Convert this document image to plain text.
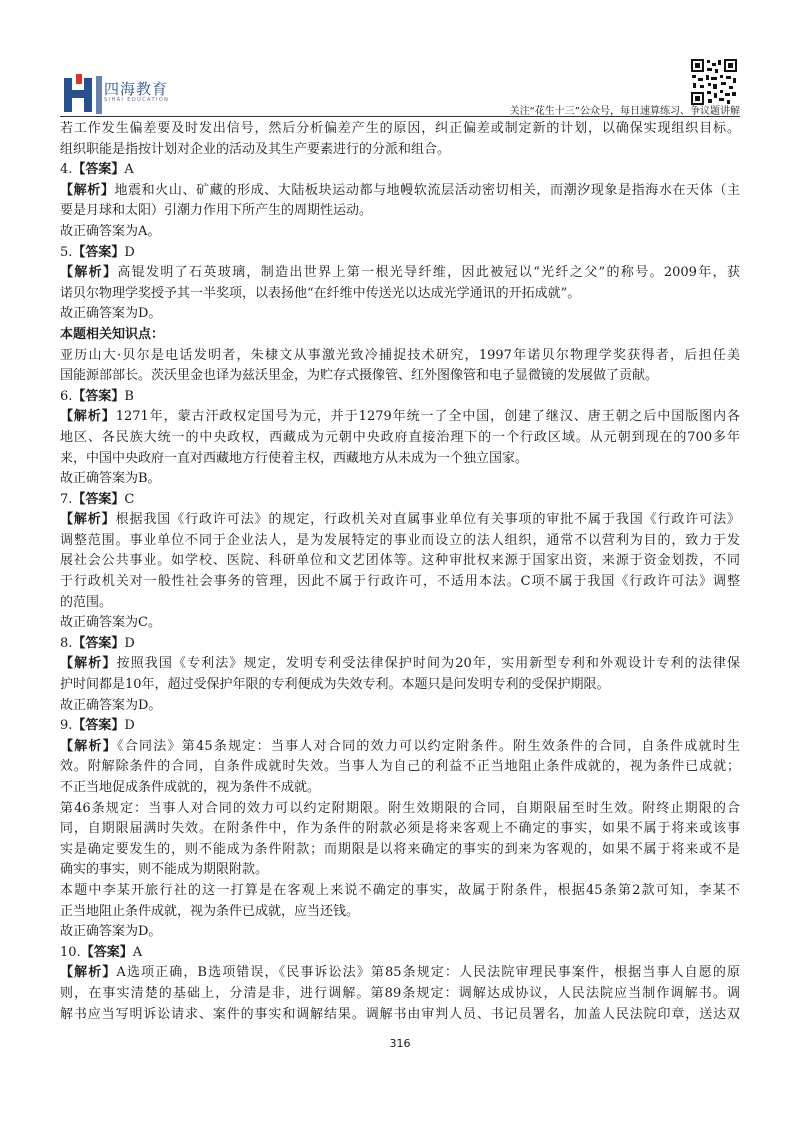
四海教育
SIHAI EDUCATION
关注“花生十三”公众号，每日速算练习、争议题讲解
若工作发生偏差要及时发出信号，然后分析偏差产生的原因，纠正偏差或制定新的计划，以确保实现组织目标。
组织职能是指按计划对企业的活动及其生产要素进行的分派和组合。
4.【答案】A
【解析】地震和火山、矿藏的形成、大陆板块运动都与地幔软流层活动密切相关，而潮汐现象是指海水在天体（主
要是月球和太阳）引潮力作用下所产生的周期性运动。
故正确答案为A。
5.【答案】D
【解析】高锟发明了石英玻璃，制造出世界上第一根光导纤维，因此被冠以“光纤之父”的称号。2009年，获
诺贝尔物理学奖授予其一半奖项，以表扬他“在纤维中传送光以达成光学通讯的开拓成就”。
故正确答案为D。
本题相关知识点：
亚历山大·贝尔是电话发明者，朱棣文从事激光致冷捕捉技术研究，1997年诺贝尔物理学奖获得者，后担任美
国能源部部长。茨沃里金也译为兹沃里金，为贮存式摄像管、红外图像管和电子显微镜的发展做了贡献。
6.【答案】B
【解析】1271年，蒙古汗政权定国号为元，并于1279年统一了全中国，创建了继汉、唐王朝之后中国版图内各
地区、各民族大统一的中央政权，西藏成为元朝中央政府直接治理下的一个行政区域。从元朝到现在的700多年
来，中国中央政府一直对西藏地方行使着主权，西藏地方从未成为一个独立国家。
故正确答案为B。
7.【答案】C
【解析】根据我国《行政许可法》的规定，行政机关对直属事业单位有关事项的审批不属于我国《行政许可法》
调整范围。事业单位不同于企业法人，是为发展特定的事业而设立的法人组织，通常不以营利为目的，致力于发
展社会公共事业。如学校、医院、科研单位和文艺团体等。这种审批权来源于国家出资，来源于资金划拨，不同
于行政机关对一般性社会事务的管理，因此不属于行政许可，不适用本法。C项不属于我国《行政许可法》调整
的范围。
故正确答案为C。
8.【答案】D
【解析】按照我国《专利法》规定，发明专利受法律保护时间为20年，实用新型专利和外观设计专利的法律保
护时间都是10年，超过受保护年限的专利便成为失效专利。本题只是问发明专利的受保护期限。
故正确答案为D。
9.【答案】D
【解析】《合同法》第45条规定：当事人对合同的效力可以约定附条件。附生效条件的合同，自条件成就时生
效。附解除条件的合同，自条件成就时失效。当事人为自己的利益不正当地阻止条件成就的，视为条件已成就；
不正当地促成条件成就的，视为条件不成就。
第46条规定：当事人对合同的效力可以约定附期限。附生效期限的合同，自期限届至时生效。附终止期限的合
同，自期限届满时失效。在附条件中，作为条件的附款必须是将来客观上不确定的事实，如果不属于将来或该事
实是确定要发生的，则不能成为条件附款；而期限是以将来确定的事实的到来为客观的，如果不属于将来或不是
确实的事实，则不能成为期限附款。
本题中李某开旅行社的这一打算是在客观上来说不确定的事实，故属于附条件，根据45条第2款可知，李某不
正当地阻止条件成就，视为条件已成就，应当还钱。
故正确答案为D。
10.【答案】A
【解析】A选项正确，B选项错误，《民事诉讼法》第85条规定：人民法院审理民事案件，根据当事人自愿的原
则，在事实清楚的基础上，分清是非，进行调解。第89条规定：调解达成协议，人民法院应当制作调解书。调
解书应当写明诉讼请求、案件的事实和调解结果。调解书由审判人员、书记员署名，加盖人民法院印章，送达双
316
